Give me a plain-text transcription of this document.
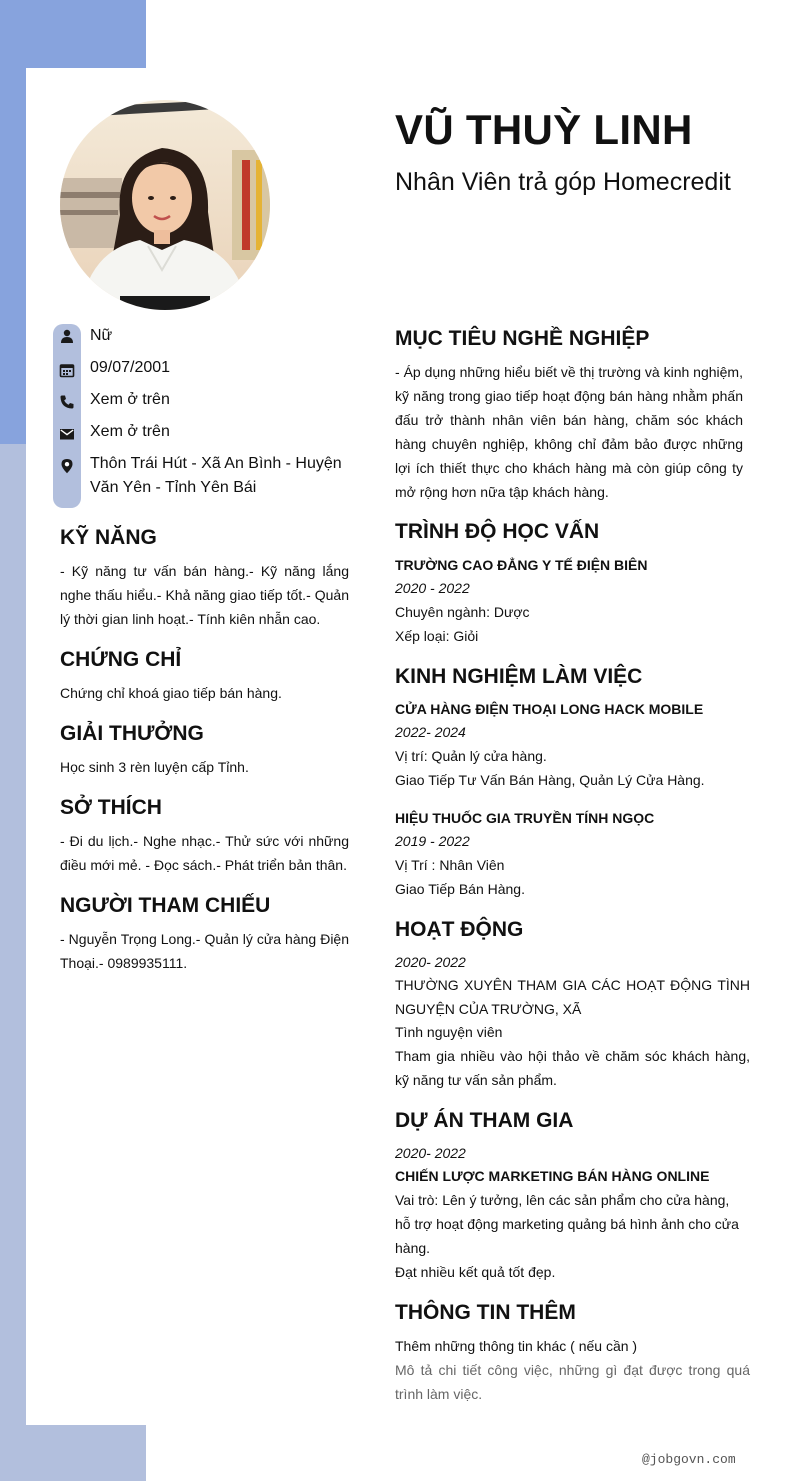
VŨ THUỲ LINH
Nhân Viên trả góp Homecredit
Nữ
09/07/2001
Xem ở trên
Xem ở trên
Thôn Trái Hút - Xã An Bình - Huyện Văn Yên - Tỉnh Yên Bái
KỸ NĂNG
- Kỹ năng tư vấn bán hàng.- Kỹ năng lắng nghe thấu hiểu.- Khả năng giao tiếp tốt.- Quản lý thời gian linh hoạt.- Tính kiên nhẫn cao.
CHỨNG CHỈ
Chứng chỉ khoá giao tiếp bán hàng.
GIẢI THƯỞNG
Học sinh 3 rèn luyện cấp Tỉnh.
SỞ THÍCH
- Đi du lịch.- Nghe nhạc.- Thử sức với những điều mới mẻ. - Đọc sách.- Phát triển bản thân.
NGƯỜI THAM CHIẾU
- Nguyễn Trọng Long.- Quản lý cửa hàng Điện Thoại.- 0989935111.
MỤC TIÊU NGHỀ NGHIỆP
- Áp dụng những hiểu biết về thị trường và kinh nghiệm, kỹ năng trong giao tiếp hoạt động bán hàng nhằm phấn đấu trở thành nhân viên bán hàng, chăm sóc khách hàng chuyên nghiệp, không chỉ đảm bảo được những lợi ích thiết thực cho khách hàng mà còn giúp công ty mở rộng hơn nữa tập khách hàng.
TRÌNH ĐỘ HỌC VẤN
TRƯỜNG CAO ĐẲNG Y TẾ ĐIỆN BIÊN
2020 - 2022
Chuyên ngành: Dược
Xếp loại: Giỏi
KINH NGHIỆM LÀM VIỆC
CỬA HÀNG ĐIỆN THOẠI LONG HACK MOBILE
2022- 2024
Vị trí: Quản lý cửa hàng.
Giao Tiếp Tư Vấn Bán Hàng, Quản Lý Cửa Hàng.
HIỆU THUỐC GIA TRUYỀN TÍNH NGỌC
2019 - 2022
Vị Trí : Nhân Viên
Giao Tiếp Bán Hàng.
HOẠT ĐỘNG
2020- 2022
THƯỜNG XUYÊN THAM GIA CÁC HOẠT ĐỘNG TÌNH NGUYỆN CỦA TRƯỜNG, XÃ
Tình nguyện viên
Tham gia nhiều vào hội thảo về chăm sóc khách hàng, kỹ năng tư vấn sản phẩm.
DỰ ÁN THAM GIA
2020- 2022
CHIẾN LƯỢC MARKETING BÁN HÀNG ONLINE
Vai trò: Lên ý tưởng, lên các sản phẩm cho cửa hàng, hỗ trợ hoạt động marketing quảng bá hình ảnh cho cửa hàng.
Đạt nhiều kết quả tốt đẹp.
THÔNG TIN THÊM
Thêm những thông tin khác ( nếu cần )
Mô tả chi tiết công việc, những gì đạt được trong quá trình làm việc.
@jobgovn.com
